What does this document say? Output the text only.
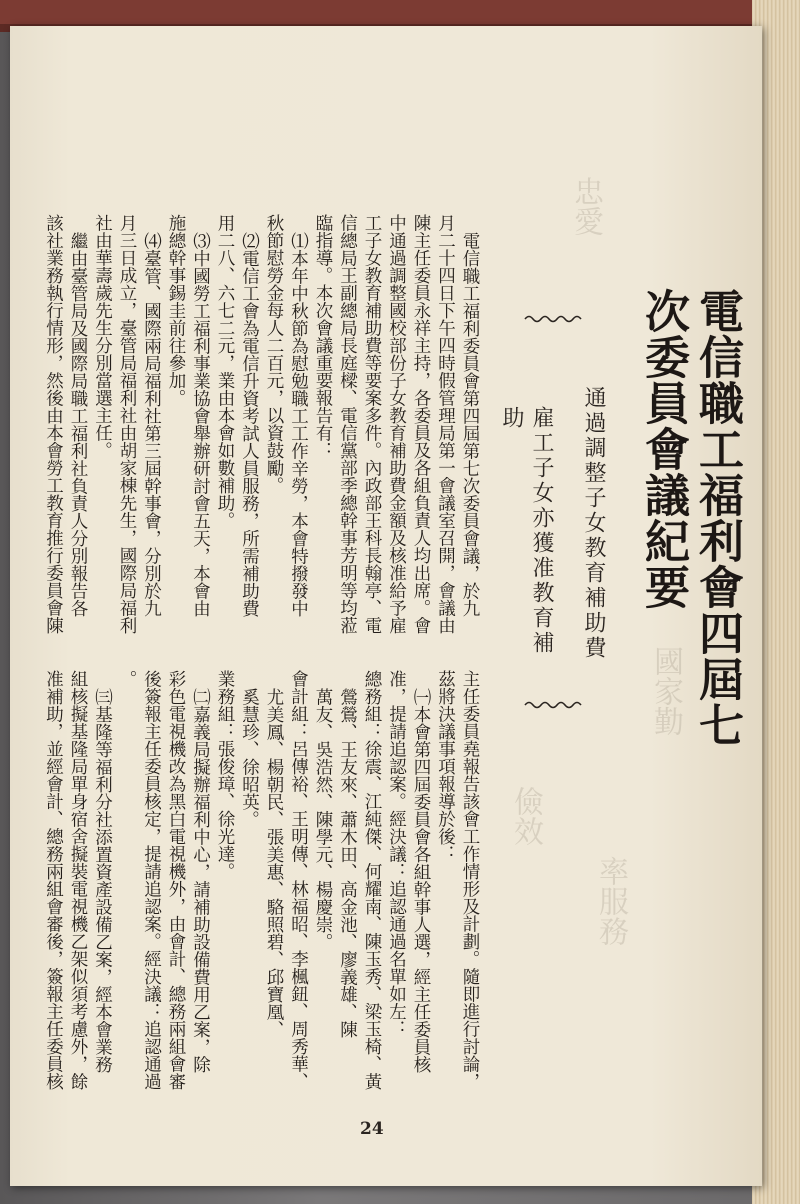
忠愛
國家勤
儉效
率服務
電信職工福利會四屆七次委員會議紀要
通過調整子女教育補助費
雇工子女亦獲准教育補助
電信職工福利委員會第四屆第七次委員會議，於九
月二十四日下午四時假管理局第一會議室召開，會議由
陳主任委員永祥主持，各委員及各組負責人均出席。會
中通過調整國校部份子女教育補助費金額及核准給予雇
工子女教育補助費等要案多件。內政部王科長翰亭、電
信總局王副總局長庭樑、電信黨部季總幹事芳明等均蒞
臨指導。本次會議重要報告有：
⑴本年中秋節為慰勉職工工作辛勞，本會特撥發中
秋節慰勞金每人二百元，以資鼓勵。
⑵電信工會為電信升資考試人員服務，所需補助費
用二八、六七二元，業由本會如數補助。
⑶中國勞工福利事業協會舉辦研討會五天，本會由
施總幹事錫圭前往參加。
⑷臺管、國際兩局福利社第三屆幹事會，分別於九
月三日成立，臺管局福利社由胡家棟先生，國際局福利
社由華壽歲先生分別當選主任。
繼由臺管局及國際局職工福利社負責人分別報告各
該社業務執行情形，然後由本會勞工教育推行委員會陳
主任委員堯報告該會工作情形及計劃。隨即進行討論，
茲將決議事項報導於後：
㈠本會第四屆委員會各組幹事人選，經主任委員核
准，提請追認案。經決議：追認通過名單如左：
總務組：徐震、江純傑、何耀南、陳玉秀、梁玉椅、黃
鶯鶯、王友來、蕭木田、高金池、廖義雄、陳
萬友、吳浩然、陳學元、楊慶崇。
會計組：呂傳裕、王明傳、林福昭、李楓鈕、周秀華、
尤美鳳、楊朝民、張美惠、駱照碧、邱寶凰、
奚慧珍、徐昭英。
業務組：張俊璋、徐光達。
㈡嘉義局擬辦福利中心，請補助設備費用乙案，除
彩色電視機改為黑白電視機外，由會計、總務兩組會審
後簽報主任委員核定，提請追認案。經決議：追認通過
。
㈢基隆等福利分社添置資產設備乙案，經本會業務
組核擬基隆局單身宿舍擬裝電視機乙架似須考慮外，餘
准補助，並經會計、總務兩組會審後，簽報主任委員核
24
